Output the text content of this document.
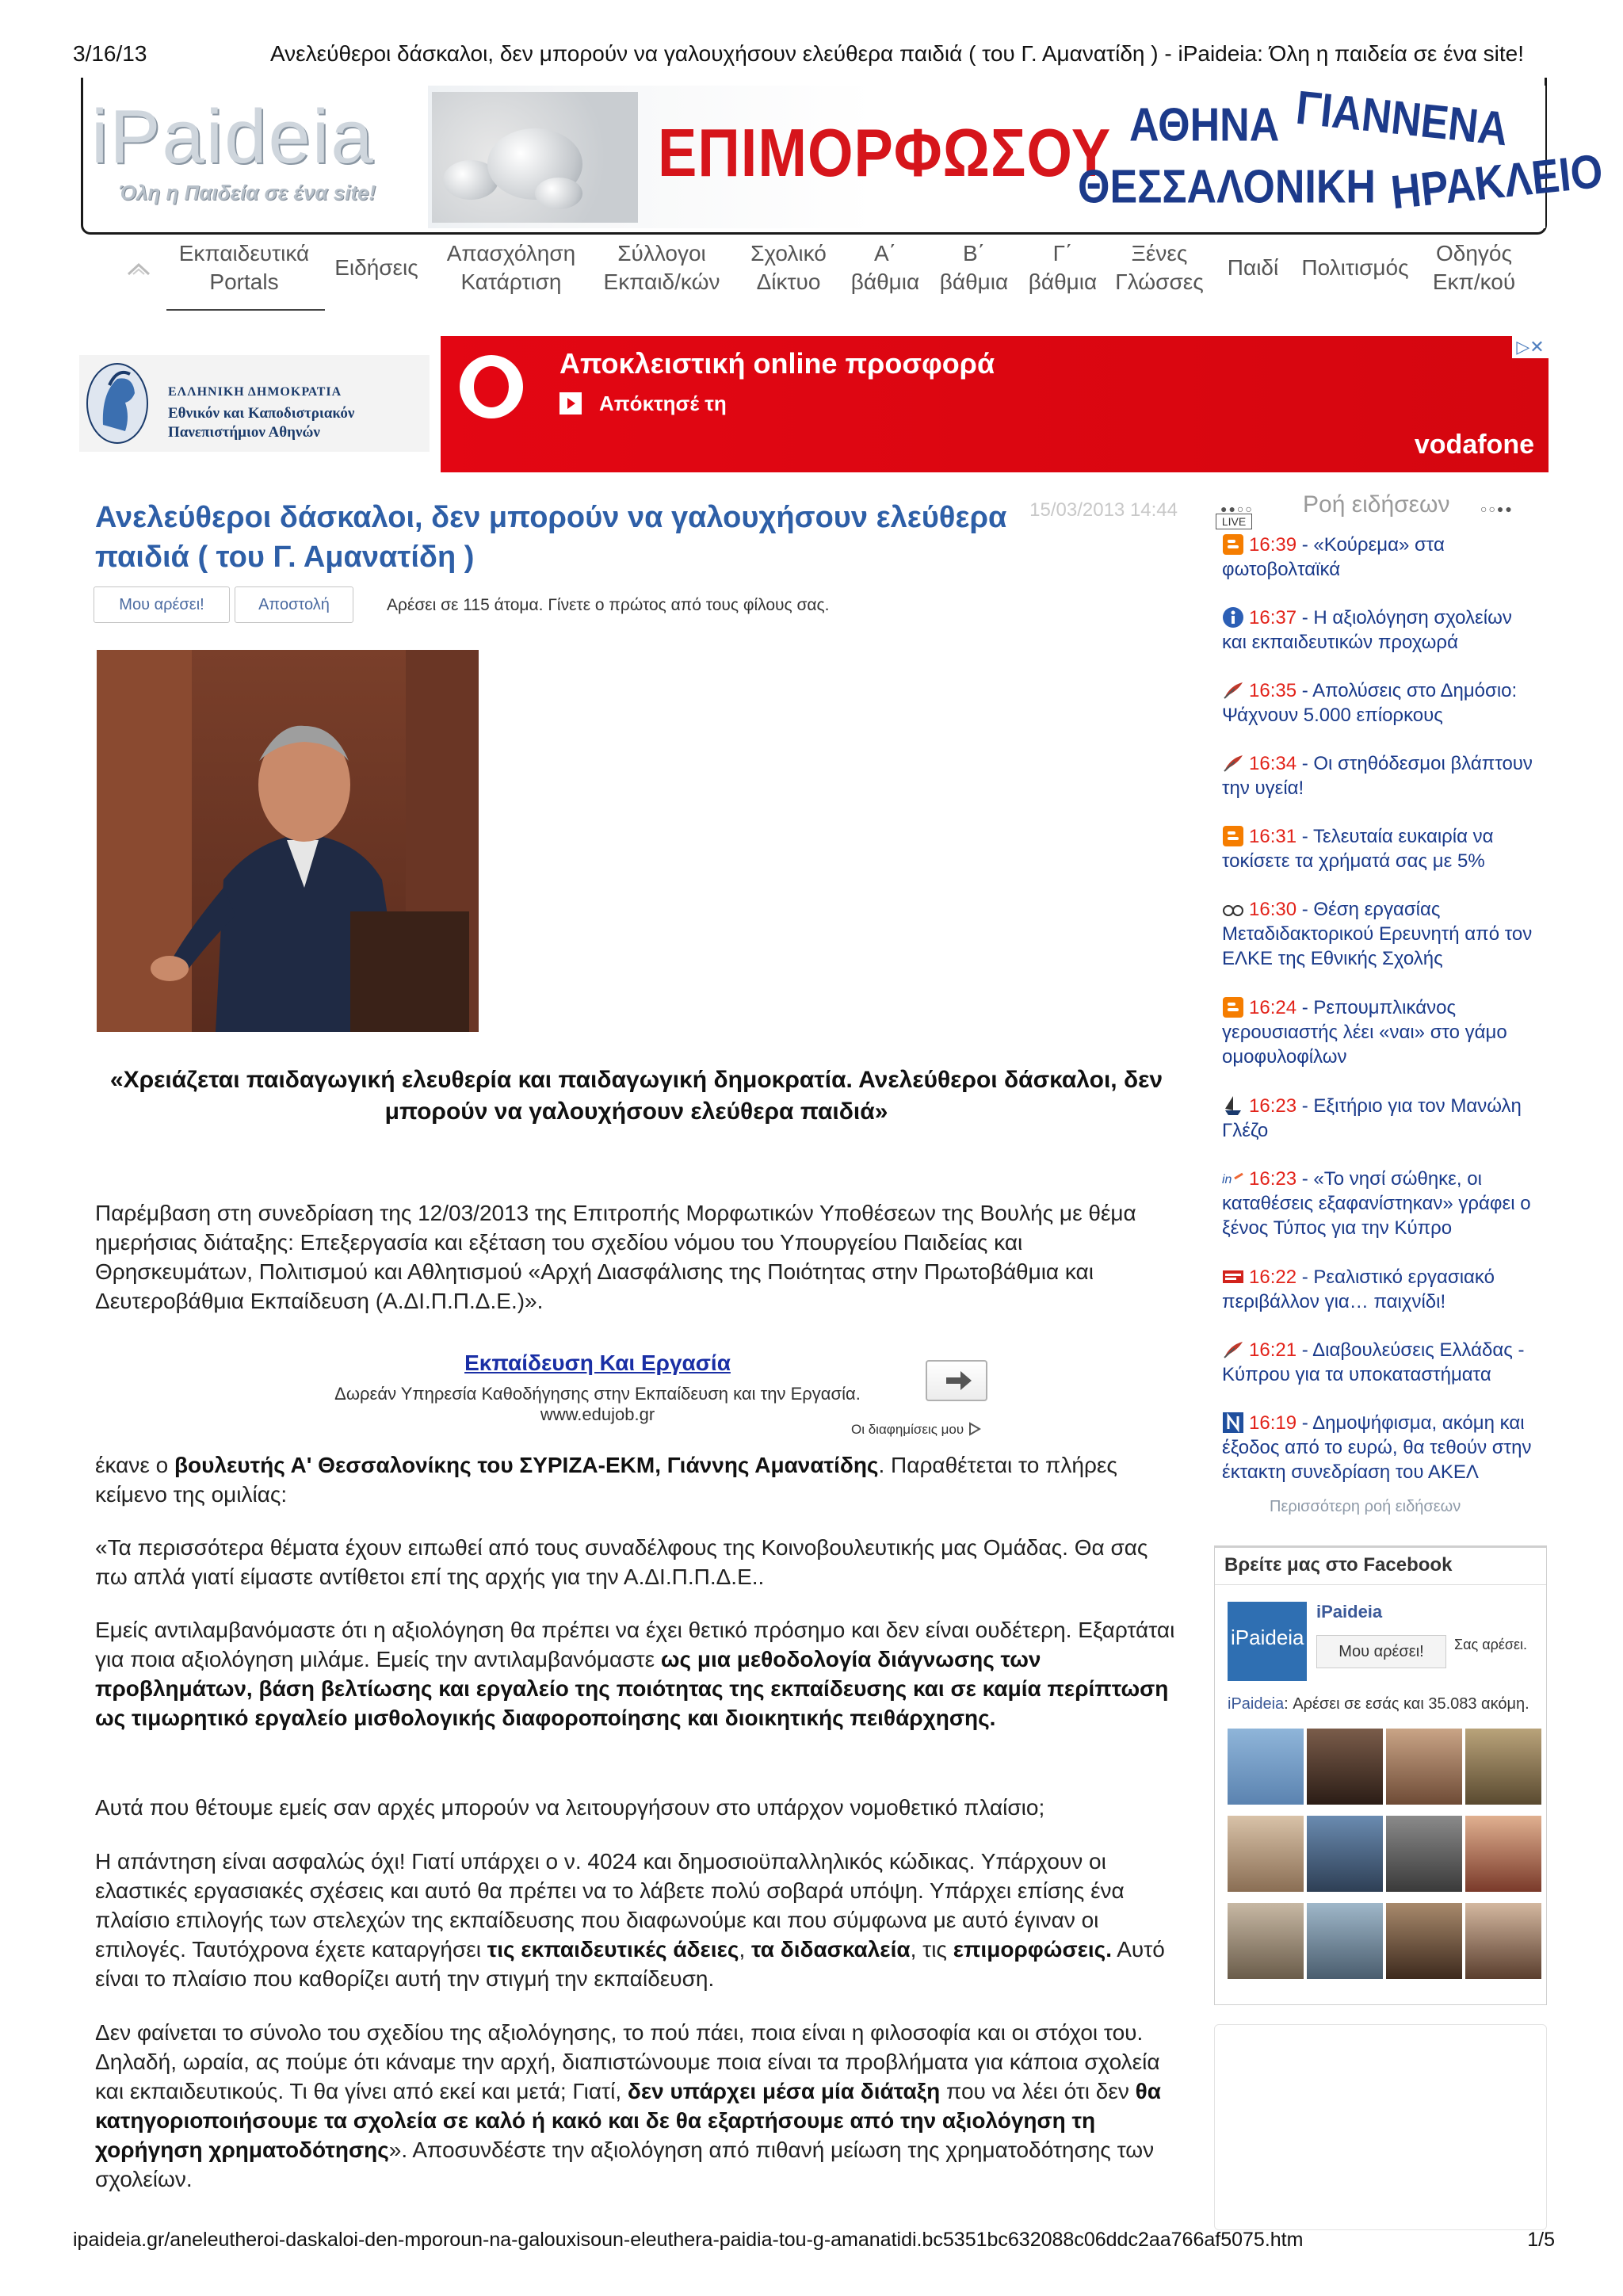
3/16/13	Ανελεύθεροι δάσκαλοι, δεν μπορούν να γαλουχήσουν ελεύθερα παιδιά ( του Γ. Αμανατίδη ) - iPaideia: Όλη η παιδεία σε ένα site!
iPaideia
Όλη η Παιδεία σε ένα site!
ΕΠΙΜΟΡΦΩΣΟΥ ΑΘΗΝΑ ΓΙΑΝΝΕΝΑ
ΘΕΣΣΑΛΟΝΙΚΗ ΗΡΑΚΛΕΙΟ
Εκπαιδευτικά
Portals
Ειδήσεις
Απασχόληση
Κατάρτιση
Σύλλογοι
Εκπαιδ/κών
Σχολικό
Δίκτυο
Α΄
βάθμια
Β΄
βάθμια
Γ΄
βάθμια
Ξένες
Γλώσσες
Παιδί	Πολιτισμός
Οδηγός
Εκπ/κού
ΕΛΛΗΝΙΚΗ ΔΗΜΟΚΡΑΤΙΑ
Εθνικόν και Καποδιστριακόν Πανεπιστήμιον Αθηνών
Αποκλειστική online προσφορά
Απόκτησέ τη
vodafone
▷✕
Ανελεύθεροι δάσκαλοι, δεν μπορούν να γαλουχήσουν ελεύθερα παιδιά ( του Γ. Αμανατίδη )
15/03/2013 14:44
Μου αρέσει!	Αποστολή	Αρέσει σε 115 άτομα. Γίνετε ο πρώτος από τους φίλους σας.

«Χρειάζεται παιδαγωγική ελευθερία και παιδαγωγική δημοκρατία. Ανελεύθεροι δάσκαλοι, δεν μπορούν να γαλουχήσουν ελεύθερα παιδιά»

Παρέμβαση στη συνεδρίαση της 12/03/2013 της Επιτροπής Μορφωτικών Υποθέσεων της Βουλής με θέμα ημερήσιας διάταξης: Επεξεργασία και εξέταση του σχεδίου νόμου του Υπουργείου Παιδείας και Θρησκευμάτων, Πολιτισμού και Αθλητισμού «Αρχή Διασφάλισης της Ποιότητας στην Πρωτοβάθμια και Δευτεροβάθμια Εκπαίδευση (Α.ΔΙ.Π.Π.Δ.Ε.)».

Εκπαίδευση Και Εργασία
Δωρεάν Υπηρεσία Καθοδήγησης στην Εκπαίδευση και την Εργασία.
www.edujob.gr
Οι διαφημίσεις μου

έκανε ο βουλευτής Α' Θεσσαλονίκης του ΣΥΡΙΖΑ-ΕΚΜ, Γιάννης Αμανατίδης. Παραθέτεται το πλήρες κείμενο της ομιλίας:

«Τα περισσότερα θέματα έχουν ειπωθεί από τους συναδέλφους της Κοινοβουλευτικής μας Ομάδας. Θα σας πω απλά γιατί είμαστε αντίθετοι επί της αρχής για την Α.ΔΙ.Π.Π.Δ.Ε..

Εμείς αντιλαμβανόμαστε ότι η αξιολόγηση θα πρέπει να έχει θετικό πρόσημο και δεν είναι ουδέτερη. Εξαρτάται για ποια αξιολόγηση μιλάμε. Εμείς την αντιλαμβανόμαστε ως μια μεθοδολογία διάγνωσης των προβλημάτων, βάση βελτίωσης και εργαλείο της ποιότητας της εκπαίδευσης και σε καμία περίπτωση ως τιμωρητικό εργαλείο μισθολογικής διαφοροποίησης και διοικητικής πειθάρχησης.

Αυτά που θέτουμε εμείς σαν αρχές μπορούν να λειτουργήσουν στο υπάρχον νομοθετικό πλαίσιο;

Η απάντηση είναι ασφαλώς όχι! Γιατί υπάρχει ο ν. 4024 και δημοσιοϋπαλληλικός κώδικας. Υπάρχουν οι ελαστικές εργασιακές σχέσεις και αυτό θα πρέπει να το λάβετε πολύ σοβαρά υπόψη. Υπάρχει επίσης ένα πλαίσιο επιλογής των στελεχών της εκπαίδευσης που διαφωνούμε και που σύμφωνα με αυτό έγιναν οι επιλογές. Ταυτόχρονα έχετε καταργήσει τις εκπαιδευτικές άδειες, τα διδασκαλεία, τις επιμορφώσεις. Αυτό είναι το πλαίσιο που καθορίζει αυτή την στιγμή την εκπαίδευση.

Δεν φαίνεται το σύνολο του σχεδίου της αξιολόγησης, το πού πάει, ποια είναι η φιλοσοφία και οι στόχοι του. Δηλαδή, ωραία, ας πούμε ότι κάναμε την αρχή, διαπιστώνουμε ποια είναι τα προβλήματα για κάποια σχολεία και εκπαιδευτικούς. Τι θα γίνει από εκεί και μετά; Γιατί, δεν υπάρχει μέσα μία διάταξη που να λέει ότι δεν θα κατηγοριοποιήσουμε τα σχολεία σε καλό ή κακό και δε θα εξαρτήσουμε από την αξιολόγηση τη χορήγηση χρηματοδότησης». Αποσυνδέστε την αξιολόγηση από πιθανή μείωση της χρηματοδότησης των σχολείων.

●●○○ Ροή ειδήσεων	○○●●
LIVE
16:39 - «Κούρεμα» στα φωτοβολταϊκά
16:37 - Η αξιολόγηση σχολείων και εκπαιδευτικών προχωρά
16:35 - Απολύσεις στο Δημόσιο: Ψάχνουν 5.000 επίορκους
16:34 - Οι στηθόδεσμοι βλάπτουν την υγεία!
16:31 - Τελευταία ευκαιρία να τοκίσετε τα χρήματά σας με 5%
16:30 - Θέση εργασίας Μεταδιδακτορικού Ερευνητή από τον ΕΛΚΕ της Εθνικής Σχολής
16:24 - Ρεπουμπλικάνος γερουσιαστής λέει «ναι» στο γάμο ομοφυλοφίλων
16:23 - Εξιτήριο για τον Μανώλη Γλέζο
in 16:23 - «Το νησί σώθηκε, οι καταθέσεις εξαφανίστηκαν» γράφει ο ξένος Τύπος για την Κύπρο
16:22 - Ρεαλιστικό εργασιακό περιβάλλον για… παιχνίδι!
16:21 - Διαβουλεύσεις Ελλάδας - Κύπρου για τα υποκαταστήματα
16:19 - Δημοψήφισμα, ακόμη και έξοδος από το ευρώ, θα τεθούν στην έκτακτη συνεδρίαση του ΑΚΕΛ
Περισσότερη ροή ειδήσεων
Βρείτε μας στο Facebook
iPaideia
iPaideia
Μου αρέσει!	Σας αρέσει.
iPaideia: Αρέσει σε εσάς και 35.083 ακόμη.
ipaideia.gr/aneleutheroi-daskaloi-den-mporoun-na-galouxisoun-eleuthera-paidia-tou-g-amanatidi.bc5351bc632088c06ddc2aa766af5075.htm	1/5
